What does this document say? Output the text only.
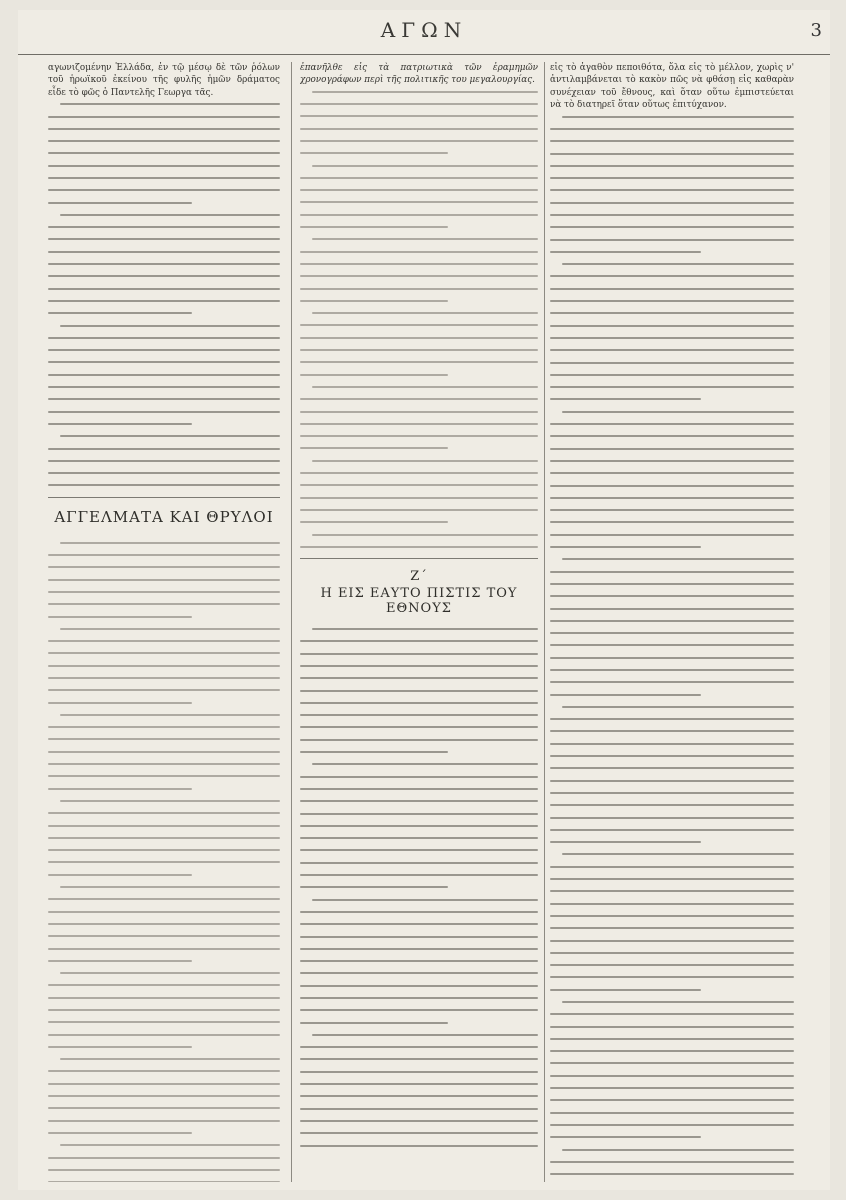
ΑΓΩΝ	3

αγωνιζομένην Ἑλλάδα, ἐν τῷ μέσῳ δὲ τῶν ῥόλων τοῦ ἡρωϊκοῦ ἐκείνου τῆς φυλῆς ἡμῶν δράματος εἶδε τὸ φῶς ὁ Παντελῆς Γεωργα τᾶς.

ΑΓΓΕΛΜΑΤΑ ΚΑΙ ΘΡΥΛΟΙ

ἐπανῆλθε εἰς τὰ πατριωτικὰ τῶν ἐραμημῶν χρονογράφων περὶ τῆς πολιτικῆς του μεγαλουργίας.

Ζ΄
Η ΕΙΣ ΕΑΥΤΟ ΠΙΣΤΙΣ ΤΟΥ ΕΘΝΟΥΣ

εἰς τὸ ἀγαθὸν πεποιθότα, ὅλα εἰς τὸ μέλλον, χωρὶς ν' ἀντιλαμβάνεται τὸ κακὸν πῶς νὰ φθάσῃ εἰς καθαρὰν συνέχειαν τοῦ ἔθνους, καὶ ὅταν οὕτω ἐμπιστεύεται νὰ τὸ διατηρεῖ ὅταν οὕτως ἐπιτύχανον.
